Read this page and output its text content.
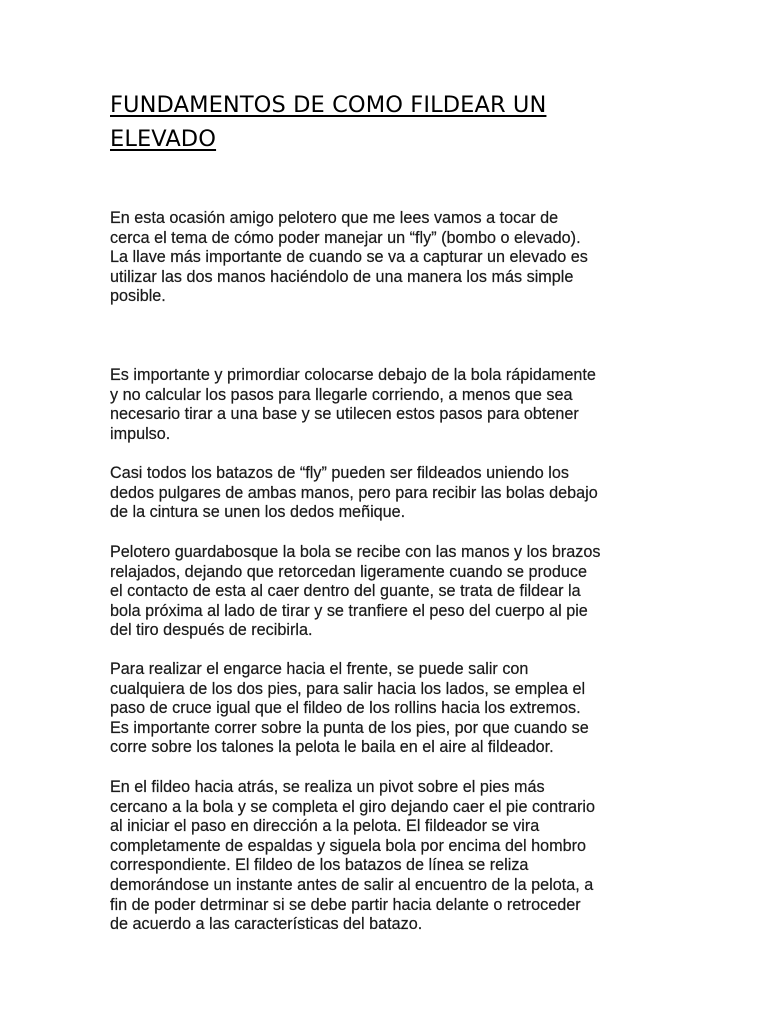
FUNDAMENTOS DE COMO FILDEAR UN
ELEVADO

En esta ocasión amigo pelotero que me lees vamos a tocar de
cerca el tema de cómo poder manejar un “fly” (bombo o elevado).
La llave más importante de cuando se va a capturar un elevado es
utilizar las dos manos haciéndolo de una manera los más simple
posible.

Es importante y primordiar colocarse debajo de la bola rápidamente
y no calcular los pasos para llegarle corriendo, a menos que sea
necesario tirar a una base y se utilecen estos pasos para obtener
impulso.

Casi todos los batazos de “fly” pueden ser fildeados uniendo los
dedos pulgares de ambas manos, pero para recibir las bolas debajo
de la cintura se unen los dedos meñique.

Pelotero guardabosque la bola se recibe con las manos y los brazos
relajados, dejando que retorcedan ligeramente cuando se produce
el contacto de esta al caer dentro del guante, se trata de fildear la
bola próxima al lado de tirar y se tranfiere el peso del cuerpo al pie
del tiro después de recibirla.

Para realizar el engarce hacia el frente, se puede salir con
cualquiera de los dos pies, para salir hacia los lados, se emplea el
paso de cruce igual que el fildeo de los rollins hacia los extremos.
Es importante correr sobre la punta de los pies, por que cuando se
corre sobre los talones la pelota le baila en el aire al fildeador.

En el fildeo hacia atrás, se realiza un pivot sobre el pies más
cercano a la bola y se completa el giro dejando caer el pie contrario
al iniciar el paso en dirección a la pelota. El fildeador se vira
completamente de espaldas y siguela bola por encima del hombro
correspondiente. El fildeo de los batazos de línea se reliza
demorándose un instante antes de salir al encuentro de la pelota, a
fin de poder detrminar si se debe partir hacia delante o retroceder
de acuerdo a las características del batazo.
